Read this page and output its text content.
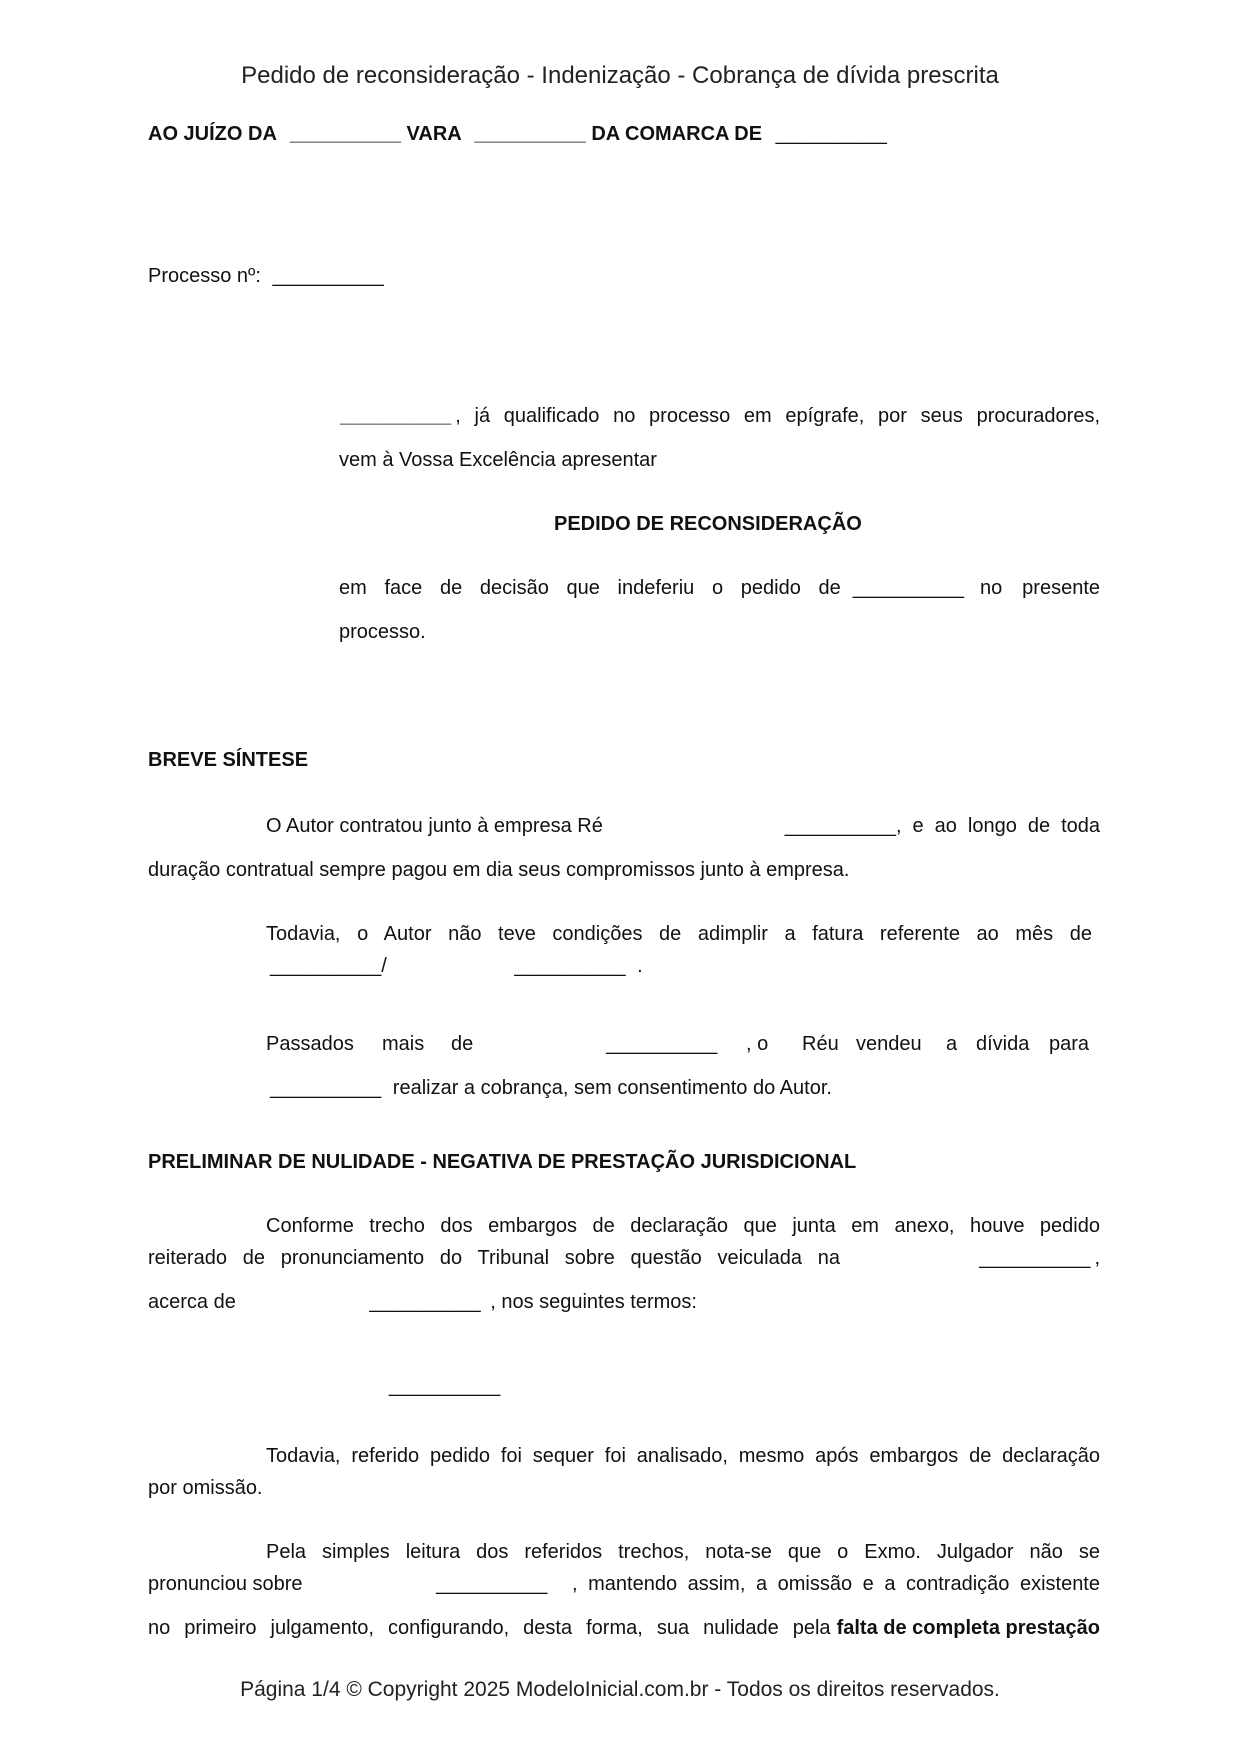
Pedido de reconsideração - Indenização - Cobrança de dívida prescrita
AO JUÍZO DA __________ VARA __________ DA COMARCA DE __________
Processo nº: __________
__________ , já qualificado no processo em epígrafe, por seus procuradores,
vem à Vossa Excelência apresentar
PEDIDO DE RECONSIDERAÇÃO
em face de decisão que indeferiu o pedido de __________ no presente
processo.
BREVE SÍNTESE
O Autor contratou junto à empresa Ré	__________ , e ao longo de toda
duração contratual sempre pagou em dia seus compromissos junto à empresa.
Todavia, o Autor não teve condições de adimplir a fatura referente ao mês de
__________/	__________ .
Passados mais de	__________ , o Réu vendeu a dívida para
__________ realizar a cobrança, sem consentimento do Autor.
PRELIMINAR DE NULIDADE - NEGATIVA DE PRESTAÇÃO JURISDICIONAL
Conforme trecho dos embargos de declaração que junta em anexo, houve pedido
reiterado de pronunciamento do Tribunal sobre questão veiculada na	__________ ,
acerca de	__________ , nos seguintes termos:
__________
Todavia, referido pedido foi sequer foi analisado, mesmo após embargos de declaração
por omissão.
Pela simples leitura dos referidos trechos, nota-se que o Exmo. Julgador não se
pronunciou sobre	__________ , mantendo assim, a omissão e a contradição existente
no primeiro julgamento, configurando, desta forma, sua nulidade pela falta de completa prestação
Página 1/4 © Copyright 2025 ModeloInicial.com.br - Todos os direitos reservados.
